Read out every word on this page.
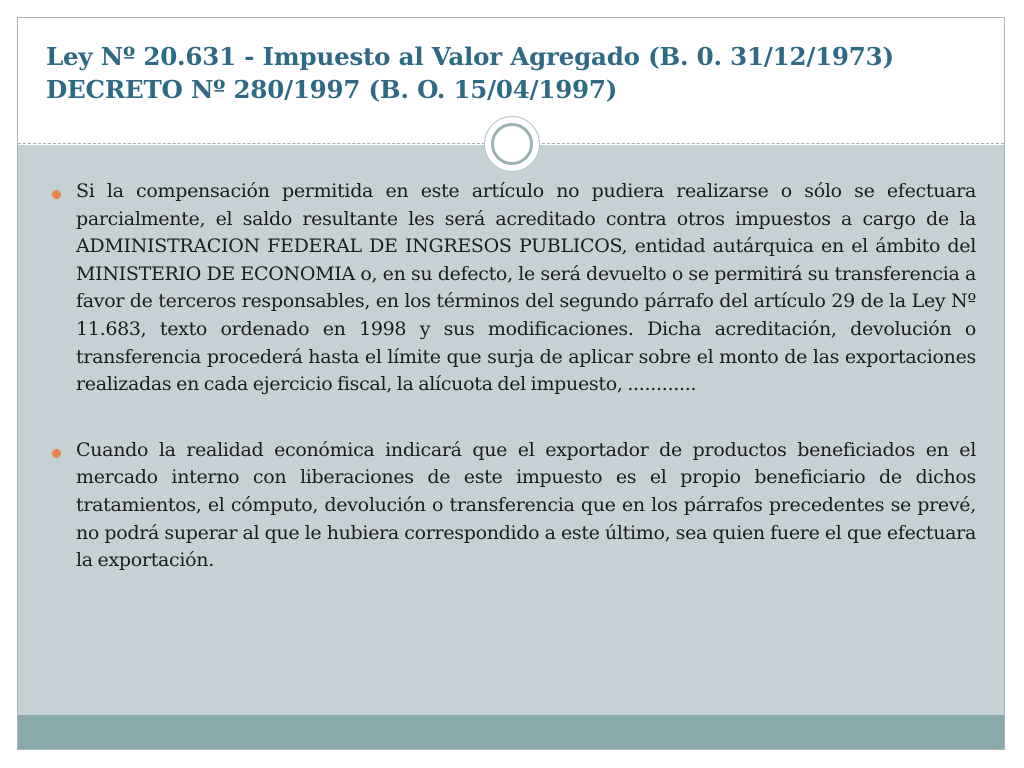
Ley Nº 20.631 - Impuesto al Valor Agregado (B. 0. 31/12/1973)
DECRETO Nº 280/1997 (B. O. 15/04/1997)
Si la compensación permitida en este artículo no pudiera realizarse o sólo se efectuara parcialmente, el saldo resultante les será acreditado contra otros impuestos a cargo de la ADMINISTRACION FEDERAL DE INGRESOS PUBLICOS, entidad autárquica en el ámbito del MINISTERIO DE ECONOMIA o, en su defecto, le será devuelto o se permitirá su transferencia a favor de terceros responsables, en los términos del segundo párrafo del artículo 29 de la Ley Nº 11.683, texto ordenado en 1998 y sus modificaciones. Dicha acreditación, devolución o transferencia procederá hasta el límite que surja de aplicar sobre el monto de las exportaciones realizadas en cada ejercicio fiscal, la alícuota del impuesto, ............
Cuando la realidad económica indicará que el exportador de productos beneficiados en el mercado interno con liberaciones de este impuesto es el propio beneficiario de dichos tratamientos, el cómputo, devolución o transferencia que en los párrafos precedentes se prevé, no podrá superar al que le hubiera correspondido a este último, sea quien fuere el que efectuara la exportación.
